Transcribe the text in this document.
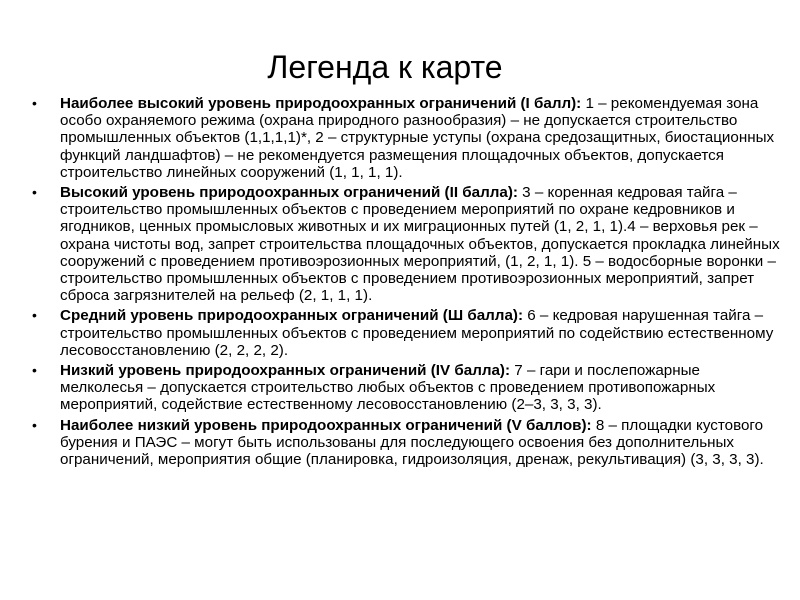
Легенда к карте
• Наиболее высокий уровень природоохранных ограничений (I балл): 1 – рекомендуемая зона особо охраняемого режима (охрана природного разнообразия) – не допускается строительство промышленных объектов (1,1,1,1)*, 2 – структурные уступы (охрана средозащитных, биостационных функций ландшафтов) – не рекомендуется размещения площадочных объектов, допускается строительство линейных сооружений (1, 1, 1, 1).
• Высокий уровень природоохранных ограничений (II балла): 3 – коренная кедровая тайга – строительство промышленных объектов с проведением мероприятий по охране кедровников и ягодников, ценных промысловых животных и их миграционных путей (1, 2, 1, 1).4 – верховья рек – охрана чистоты вод, запрет строительства площадочных объектов, допускается прокладка линейных сооружений с проведением противоэрозионных мероприятий, (1, 2, 1, 1). 5 – водосборные воронки – строительство промышленных объектов с проведением противоэрозионных мероприятий, запрет сброса загрязнителей на рельеф (2, 1, 1, 1).
• Средний уровень природоохранных ограничений (Ш балла): 6 – кедровая нарушенная тайга – строительство промышленных объектов с проведением мероприятий по содействию естественному лесовосстановлению (2, 2, 2, 2).
• Низкий уровень природоохранных ограничений (IV балла): 7 – гари и послепожарные мелколесья – допускается строительство любых объектов с проведением противопожарных мероприятий, содействие естественному лесовосстановлению (2–3, 3, 3, 3).
• Наиболее низкий уровень природоохранных ограничений (V баллов): 8 – площадки кустового бурения и ПАЭС – могут быть использованы для последующего освоения без дополнительных ограничений, мероприятия общие (планировка, гидроизоляция, дренаж, рекультивация) (3, 3, 3, 3).
